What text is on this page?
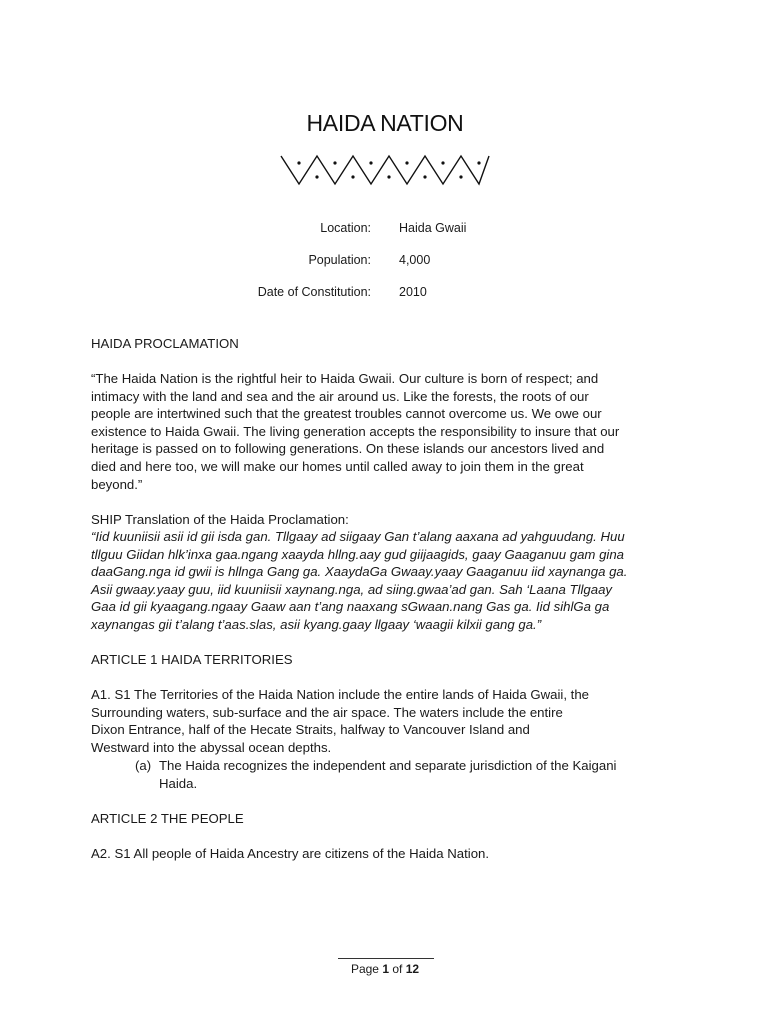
HAIDA NATION
Location: Haida Gwaii
Population: 4,000
Date of Constitution: 2010
HAIDA PROCLAMATION
“The Haida Nation is the rightful heir to Haida Gwaii. Our culture is born of respect; and
intimacy with the land and sea and the air around us. Like the forests, the roots of our
people are intertwined such that the greatest troubles cannot overcome us. We owe our
existence to Haida Gwaii. The living generation accepts the responsibility to insure that our
heritage is passed on to following generations. On these islands our ancestors lived and
died and here too, we will make our homes until called away to join them in the great
beyond.”
SHIP Translation of the Haida Proclamation:
“Iid kuuniisii asii id gii isda gan. Tllgaay ad siigaay Gan t’alang aaxana ad yahguudang. Huu
tllguu Giidan hlk’inxa gaa.ngang xaayda hllng.aay gud giijaagids, gaay Gaaganuu gam gina
daaGang.nga id gwii is hllnga Gang ga. XaaydaGa Gwaay.yaay Gaaganuu iid xaynanga ga.
Asii gwaay.yaay guu, iid kuuniisii xaynang.nga, ad siing.gwaa’ad gan. Sah ‘Laana Tllgaay
Gaa id gii kyaagang.ngaay Gaaw aan t’ang naaxang sGwaan.nang Gas ga. Iid sihlGa ga
xaynangas gii t’alang t’aas.slas, asii kyang.gaay llgaay ‘waagii kilxii gang ga.”
ARTICLE 1 HAIDA TERRITORIES
A1. S1 The Territories of the Haida Nation include the entire lands of Haida Gwaii, the
Surrounding waters, sub-surface and the air space. The waters include the entire
Dixon Entrance, half of the Hecate Straits, halfway to Vancouver Island and
Westward into the abyssal ocean depths.
(a) The Haida recognizes the independent and separate jurisdiction of the Kaigani
Haida.
ARTICLE 2 THE PEOPLE
A2. S1 All people of Haida Ancestry are citizens of the Haida Nation.
Page 1 of 12
